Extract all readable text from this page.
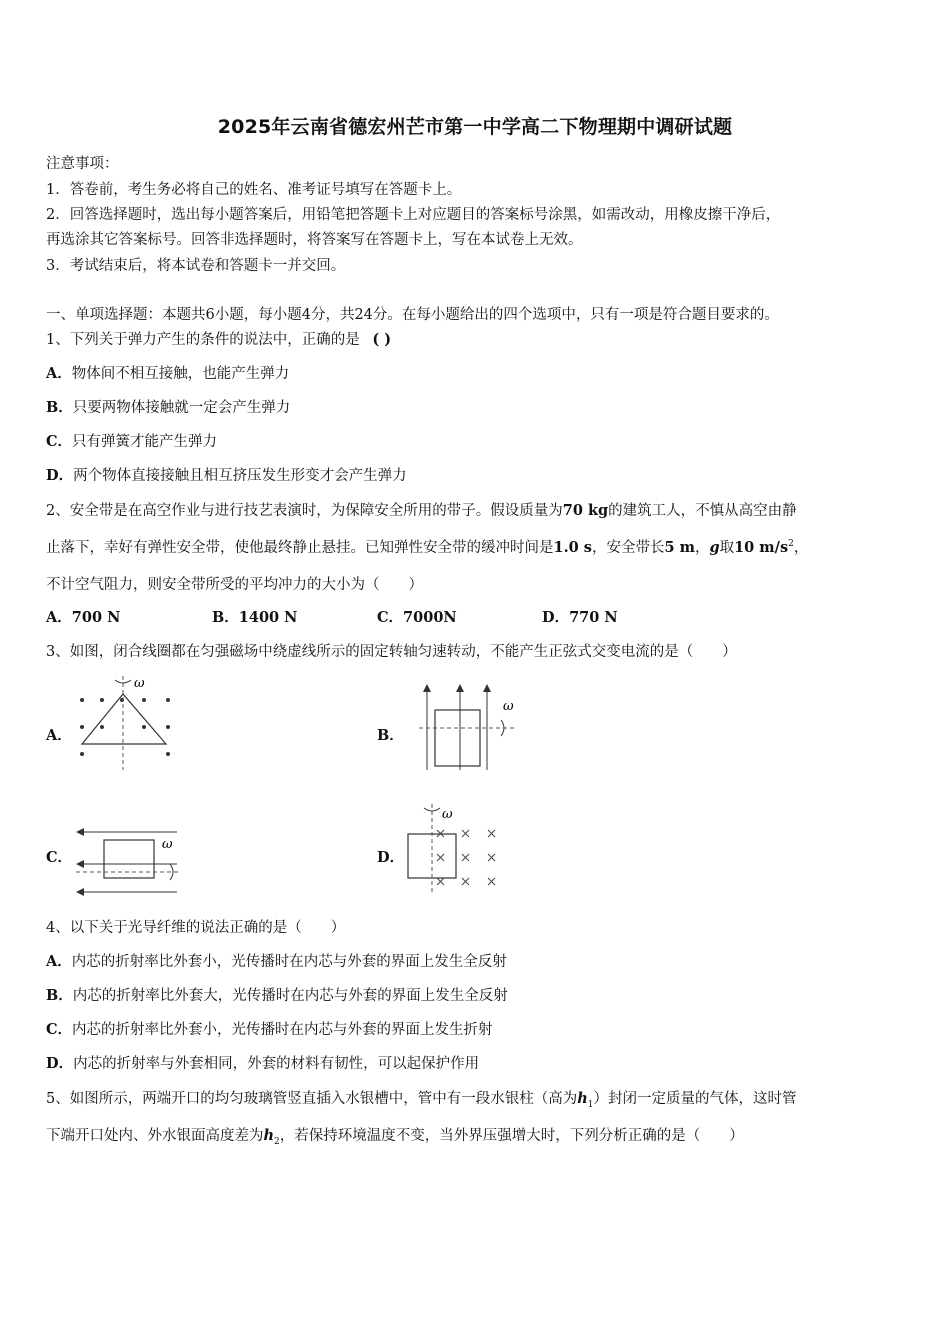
2025年云南省德宏州芒市第一中学高二下物理期中调研试题
注意事项：
1．答卷前，考生务必将自己的姓名、准考证号填写在答题卡上。
2．回答选择题时，选出每小题答案后，用铅笔把答题卡上对应题目的答案标号涂黑，如需改动，用橡皮擦干净后，
再选涂其它答案标号。回答非选择题时，将答案写在答题卡上，写在本试卷上无效。
3．考试结束后，将本试卷和答题卡一并交回。
一、单项选择题：本题共6小题，每小题4分，共24分。在每小题给出的四个选项中，只有一项是符合题目要求的。
1、下列关于弹力产生的条件的说法中，正确的是 ( )
A．物体间不相互接触，也能产生弹力
B．只要两物体接触就一定会产生弹力
C．只有弹簧才能产生弹力
D．两个物体直接接触且相互挤压发生形变才会产生弹力
2、安全带是在高空作业与进行技艺表演时，为保障安全所用的带子。假设质量为70 kg的建筑工人，不慎从高空由静
止落下，幸好有弹性安全带，使他最终静止悬挂。已知弹性安全带的缓冲时间是1.0 s，安全带长5 m，g取10 $m/s^2$，
不计空气阻力，则安全带所受的平均冲力的大小为（　　）
A．700 N	B．1400 N	C．7000N	D．770 N
3、如图，闭合线圈都在匀强磁场中绕虚线所示的固定转轴匀速转动，不能产生正弦式交变电流的是（　　）
A．
ω
B．
ω
C．
ω
D．
ω
4、以下关于光导纤维的说法正确的是（　　）
A．内芯的折射率比外套小，光传播时在内芯与外套的界面上发生全反射
B．内芯的折射率比外套大，光传播时在内芯与外套的界面上发生全反射
C．内芯的折射率比外套小，光传播时在内芯与外套的界面上发生折射
D．内芯的折射率与外套相同，外套的材料有韧性，可以起保护作用
5、如图所示，两端开口的均匀玻璃管竖直插入水银槽中，管中有一段水银柱（高为$h_1$）封闭一定质量的气体，这时管
下端开口处内、外水银面高度差为$h_2$，若保持环境温度不变，当外界压强增大时，下列分析正确的是（　　）
